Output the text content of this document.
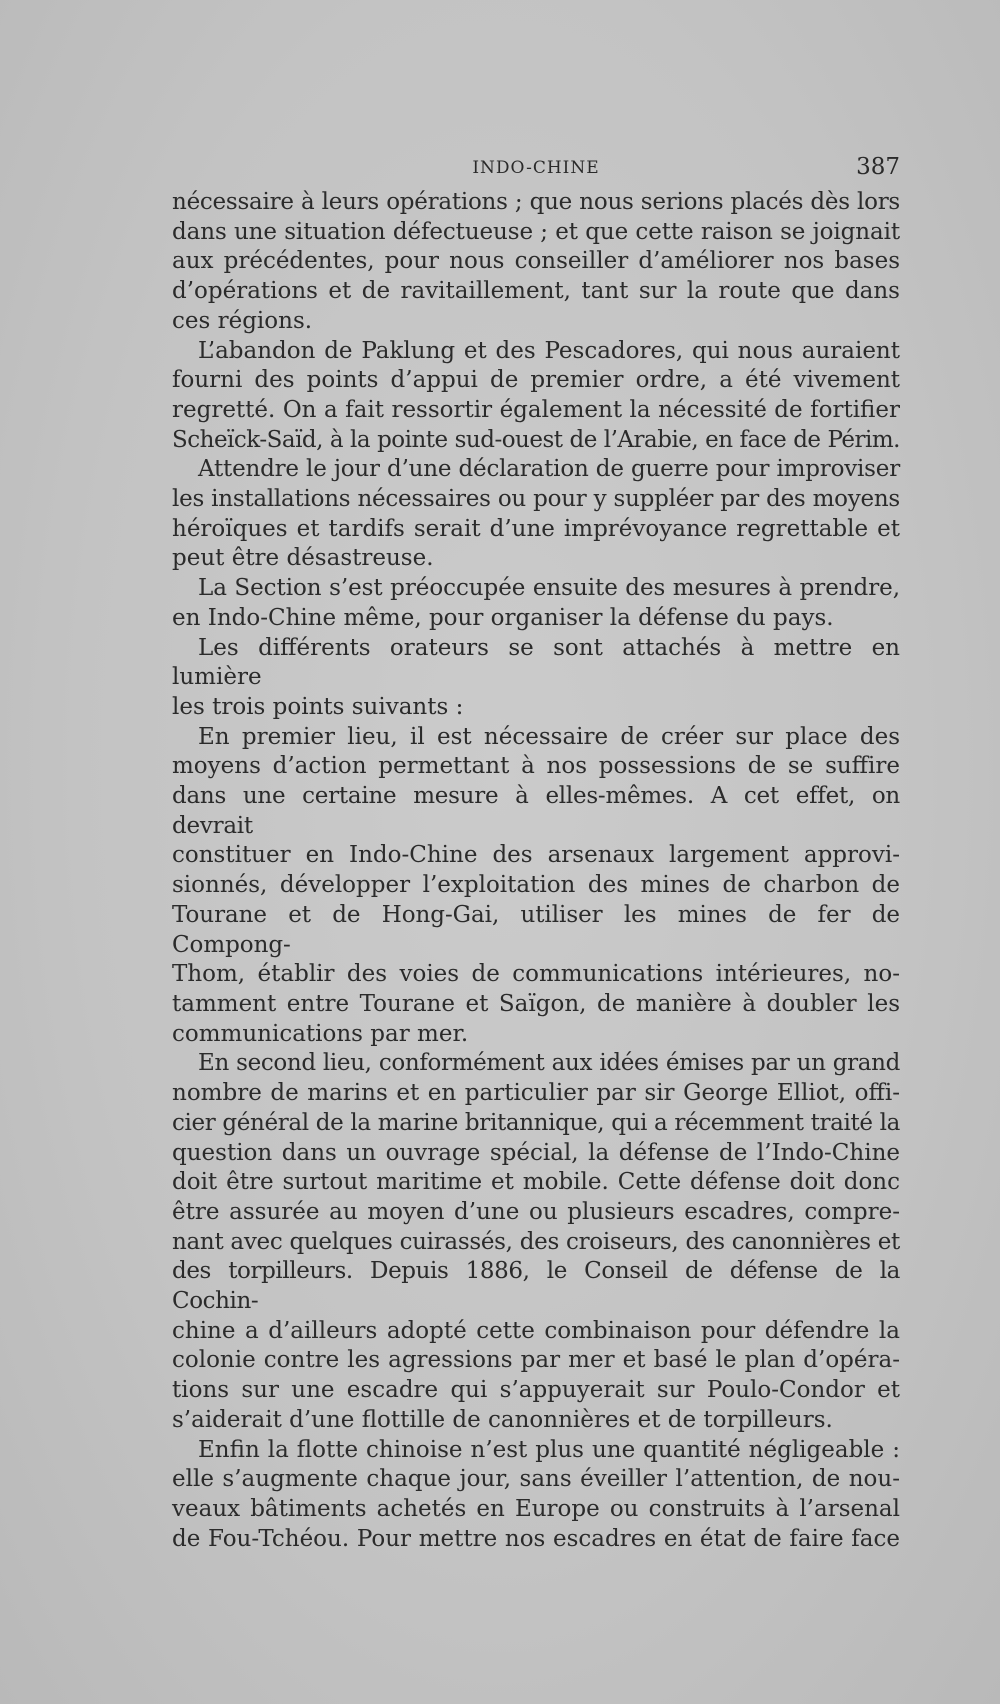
INDO-CHINE	387

nécessaire à leurs opérations ; que nous serions placés dès lors

dans une situation défectueuse ; et que cette raison se joignait

aux précédentes, pour nous conseiller d’améliorer nos bases

d’opérations et de ravitaillement, tant sur la route que dans

ces régions.

L’abandon de Paklung et des Pescadores, qui nous auraient

fourni des points d’appui de premier ordre, a été vivement

regretté. On a fait ressortir également la nécessité de fortifier

Scheïck-Saïd, à la pointe sud-ouest de l’Arabie, en face de Périm.

Attendre le jour d’une déclaration de guerre pour improviser

les installations nécessaires ou pour y suppléer par des moyens

héroïques et tardifs serait d’une imprévoyance regrettable et

peut être désastreuse.

La Section s’est préoccupée ensuite des mesures à prendre,

en Indo-Chine même, pour organiser la défense du pays.

Les différents orateurs se sont attachés à mettre en lumière

les trois points suivants :

En premier lieu, il est nécessaire de créer sur place des

moyens d’action permettant à nos possessions de se suffire

dans une certaine mesure à elles-mêmes. A cet effet, on devrait

constituer en Indo-Chine des arsenaux largement approvi-

sionnés, développer l’exploitation des mines de charbon de

Tourane et de Hong-Gai, utiliser les mines de fer de Compong-

Thom, établir des voies de communications intérieures, no-

tamment entre Tourane et Saïgon, de manière à doubler les

communications par mer.

En second lieu, conformément aux idées émises par un grand

nombre de marins et en particulier par sir George Elliot, offi-

cier général de la marine britannique, qui a récemment traité la

question dans un ouvrage spécial, la défense de l’Indo-Chine

doit être surtout maritime et mobile. Cette défense doit donc

être assurée au moyen d’une ou plusieurs escadres, compre-

nant avec quelques cuirassés, des croiseurs, des canonnières et

des torpilleurs. Depuis 1886, le Conseil de défense de la Cochin-

chine a d’ailleurs adopté cette combinaison pour défendre la

colonie contre les agressions par mer et basé le plan d’opéra-

tions sur une escadre qui s’appuyerait sur Poulo-Condor et

s’aiderait d’une flottille de canonnières et de torpilleurs.

Enfin la flotte chinoise n’est plus une quantité négligeable :

elle s’augmente chaque jour, sans éveiller l’attention, de nou-

veaux bâtiments achetés en Europe ou construits à l’arsenal

de Fou-Tchéou. Pour mettre nos escadres en état de faire face
